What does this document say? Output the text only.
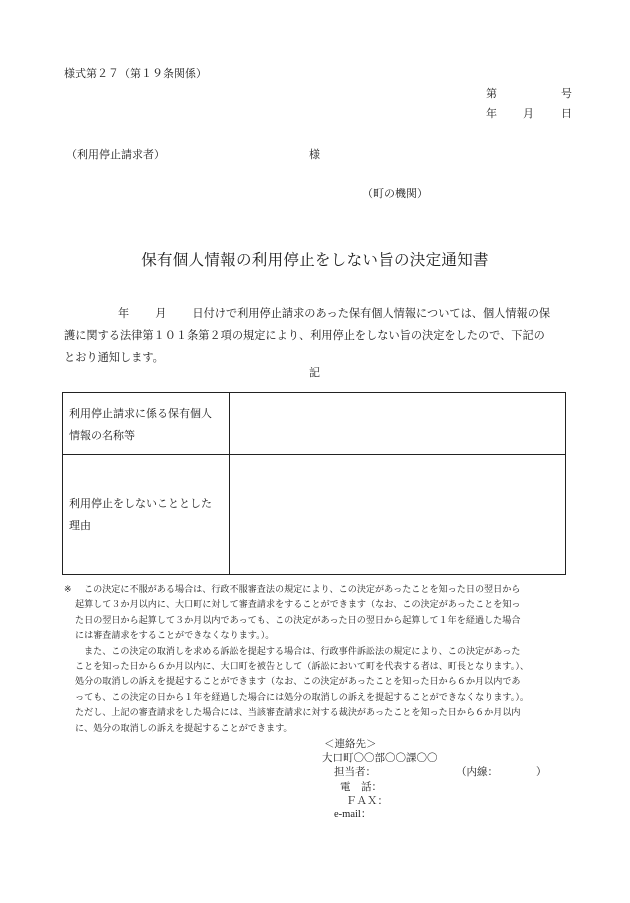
様式第２７（第１９条関係）
第	号
年 月 日
（利用停止請求者）	様
（町の機関）
保有個人情報の利用停止をしない旨の決定通知書
年 月 日付けで利用停止請求のあった保有個人情報については、個人情報の保
護に関する法律第１０１条第２項の規定により、利用停止をしない旨の決定をしたので、下記の
とおり通知します。
記
利用停止請求に係る保有個人
情報の名称等
利用停止をしないこととした
理由
※ この決定に不服がある場合は、行政不服審査法の規定により、この決定があったことを知った日の翌日から
起算して３か月以内に、大口町に対して審査請求をすることができます（なお、この決定があったことを知っ
た日の翌日から起算して３か月以内であっても、この決定があった日の翌日から起算して１年を経過した場合
には審査請求をすることができなくなります。）。
また、この決定の取消しを求める訴訟を提起する場合は、行政事件訴訟法の規定により、この決定があった
ことを知った日から６か月以内に、大口町を被告として（訴訟において町を代表する者は、町長となります。）、
処分の取消しの訴えを提起することができます（なお、この決定があったことを知った日から６か月以内であ
っても、この決定の日から１年を経過した場合には処分の取消しの訴えを提起することができなくなります。）。
ただし、上記の審査請求をした場合には、当該審査請求に対する裁決があったことを知った日から６か月以内
に、処分の取消しの訴えを提起することができます。
＜連絡先＞
大口町〇〇部〇〇課〇〇
担当者：	（内線：	）
電　話：
ＦＡＸ：
e-mail：
